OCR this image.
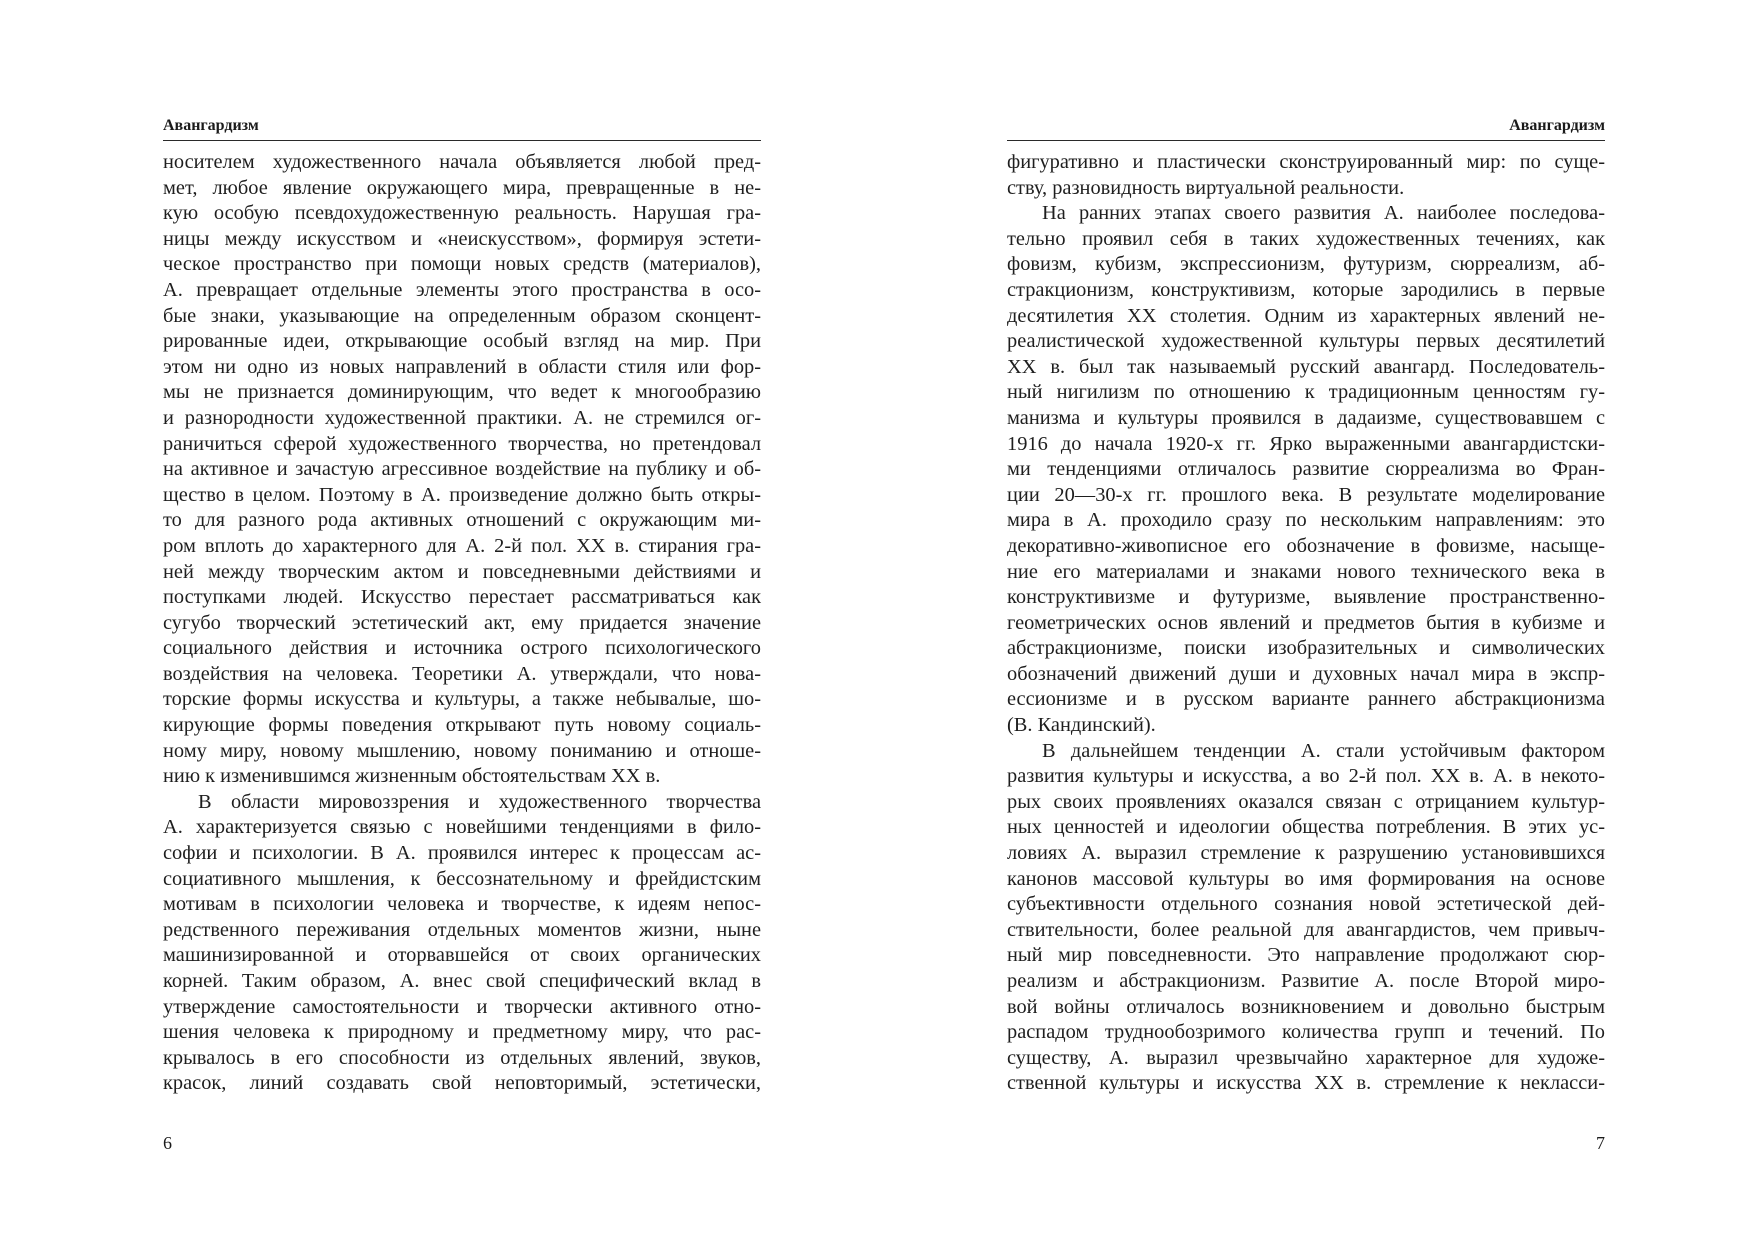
Авангардизм
носителем художественного начала объявляется любой пред-
мет, любое явление окружающего мира, превращенные в не-
кую особую псевдохудожественную реальность. Нарушая гра-
ницы между искусством и «неискусством», формируя эстети-
ческое пространство при помощи новых средств (материалов),
А. превращает отдельные элементы этого пространства в осо-
бые знаки, указывающие на определенным образом сконцент-
рированные идеи, открывающие особый взгляд на мир. При
этом ни одно из новых направлений в области стиля или фор-
мы не признается доминирующим, что ведет к многообразию
и разнородности художественной практики. А. не стремился ог-
раничиться сферой художественного творчества, но претендовал
на активное и зачастую агрессивное воздействие на публику и об-
щество в целом. Поэтому в А. произведение должно быть откры-
то для разного рода активных отношений с окружающим ми-
ром вплоть до характерного для А. 2-й пол. XX в. стирания гра-
ней между творческим актом и повседневными действиями и
поступками людей. Искусство перестает рассматриваться как
сугубо творческий эстетический акт, ему придается значение
социального действия и источника острого психологического
воздействия на человека. Теоретики А. утверждали, что нова-
торские формы искусства и культуры, а также небывалые, шо-
кирующие формы поведения открывают путь новому социаль-
ному миру, новому мышлению, новому пониманию и отноше-
нию к изменившимся жизненным обстоятельствам XX в.
В области мировоззрения и художественного творчества
А. характеризуется связью с новейшими тенденциями в фило-
софии и психологии. В А. проявился интерес к процессам ас-
социативного мышления, к бессознательному и фрейдистским
мотивам в психологии человека и творчестве, к идеям непос-
редственного переживания отдельных моментов жизни, ныне
машинизированной и оторвавшейся от своих органических
корней. Таким образом, А. внес свой специфический вклад в
утверждение самостоятельности и творчески активного отно-
шения человека к природному и предметному миру, что рас-
крывалось в его способности из отдельных явлений, звуков,
красок, линий создавать свой неповторимый, эстетически,
6
Авангардизм
фигуративно и пластически сконструированный мир: по суще-
ству, разновидность виртуальной реальности.
На ранних этапах своего развития А. наиболее последова-
тельно проявил себя в таких художественных течениях, как
фовизм, кубизм, экспрессионизм, футуризм, сюрреализм, аб-
стракционизм, конструктивизм, которые зародились в первые
десятилетия XX столетия. Одним из характерных явлений не-
реалистической художественной культуры первых десятилетий
XX в. был так называемый русский авангард. Последователь-
ный нигилизм по отношению к традиционным ценностям гу-
манизма и культуры проявился в дадаизме, существовавшем с
1916 до начала 1920-х гг. Ярко выраженными авангардистски-
ми тенденциями отличалось развитие сюрреализма во Фран-
ции 20—30-х гг. прошлого века. В результате моделирование
мира в А. проходило сразу по нескольким направлениям: это
декоративно-живописное его обозначение в фовизме, насыще-
ние его материалами и знаками нового технического века в
конструктивизме и футуризме, выявление пространственно-
геометрических основ явлений и предметов бытия в кубизме и
абстракционизме, поиски изобразительных и символических
обозначений движений души и духовных начал мира в экспр-
ессионизме и в русском варианте раннего абстракционизма
(В. Кандинский).
В дальнейшем тенденции А. стали устойчивым фактором
развития культуры и искусства, а во 2-й пол. XX в. А. в некото-
рых своих проявлениях оказался связан с отрицанием культур-
ных ценностей и идеологии общества потребления. В этих ус-
ловиях А. выразил стремление к разрушению установившихся
канонов массовой культуры во имя формирования на основе
субъективности отдельного сознания новой эстетической дей-
ствительности, более реальной для авангардистов, чем привыч-
ный мир повседневности. Это направление продолжают сюр-
реализм и абстракционизм. Развитие А. после Второй миро-
вой войны отличалось возникновением и довольно быстрым
распадом труднообозримого количества групп и течений. По
существу, А. выразил чрезвычайно характерное для художе-
ственной культуры и искусства XX в. стремление к некласси-
7
